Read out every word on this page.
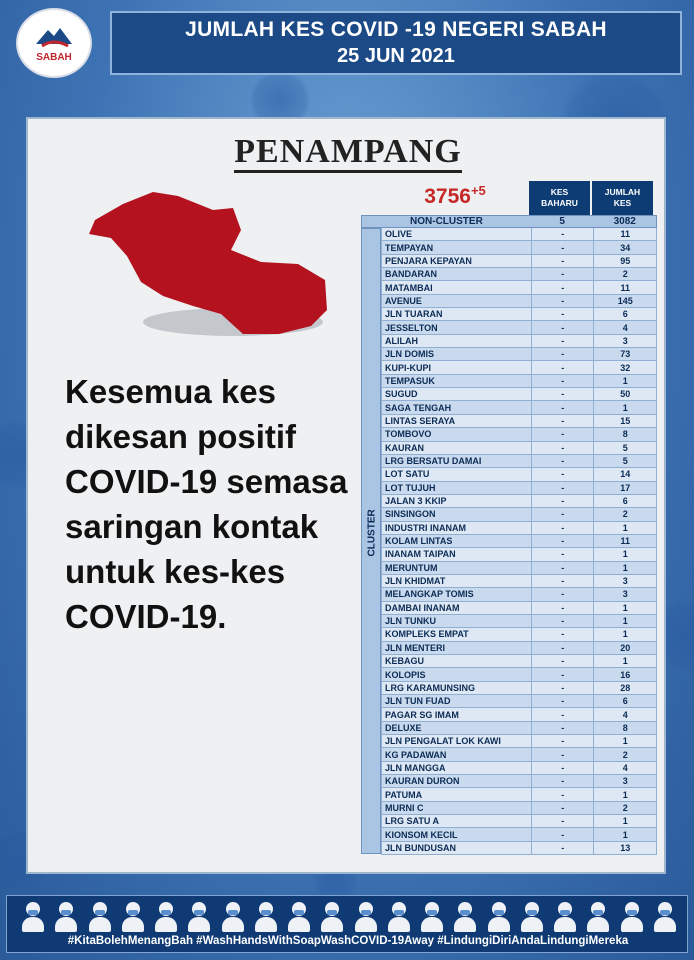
SABAH
JUMLAH KES COVID -19 NEGERI SABAH
25 JUN 2021
PENAMPANG
Kesemua kes dikesan positif COVID-19 semasa saringan kontak untuk kes-kes COVID-19.
$3756^{+5}$	KES
BAHARU
JUMLAH
KES
NON-CLUSTER	5	3082
CLUSTER
OLIVE	-	11
TEMPAYAN	-	34
PENJARA KEPAYAN	-	95
BANDARAN	-	2
MATAMBAI	-	11
AVENUE	-	145
JLN TUARAN	-	6
JESSELTON	-	4
ALILAH	-	3
JLN DOMIS	-	73
KUPI-KUPI	-	32
TEMPASUK	-	1
SUGUD	-	50
SAGA TENGAH	-	1
LINTAS SERAYA	-	15
TOMBOVO	-	8
KAURAN	-	5
LRG BERSATU DAMAI	-	5
LOT SATU	-	14
LOT TUJUH	-	17
JALAN 3 KKIP	-	6
SINSINGON	-	2
INDUSTRI INANAM	-	1
KOLAM LINTAS	-	11
INANAM TAIPAN	-	1
MERUNTUM	-	1
JLN KHIDMAT	-	3
MELANGKAP TOMIS	-	3
DAMBAI INANAM	-	1
JLN TUNKU	-	1
KOMPLEKS EMPAT	-	1
JLN MENTERI	-	20
KEBAGU	-	1
KOLOPIS	-	16
LRG KARAMUNSING	-	28
JLN TUN FUAD	-	6
PAGAR SG IMAM	-	4
DELUXE	-	8
JLN PENGALAT LOK KAWI	-	1
KG PADAWAN	-	2
JLN MANGGA	-	4
KAURAN DURON	-	3
PATUMA	-	1
MURNI C	-	2
LRG SATU A	-	1
KIONSOM KECIL	-	1
JLN BUNDUSAN	-	13
#KitaBolehMenangBah #WashHandsWithSoapWashCOVID-19Away #LindungiDiriAndaLindungiMereka
